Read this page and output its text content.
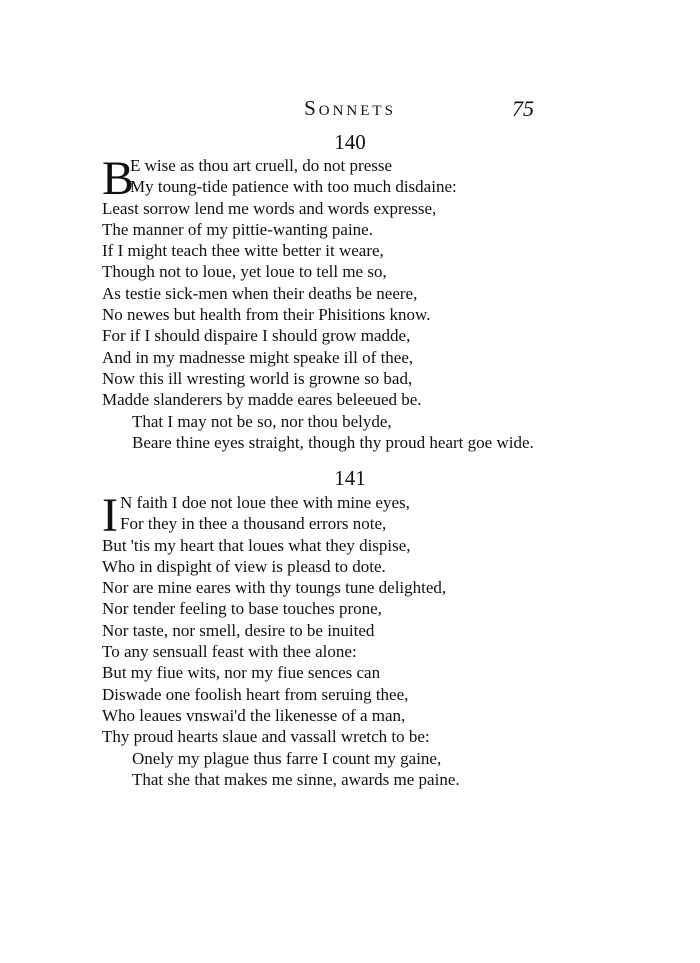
Sonnets	75
140
B
E wise as thou art cruell, do not presse
My toung-tide patience with too much disdaine:
Least sorrow lend me words and words expresse,
The manner of my pittie-wanting paine.
If I might teach thee witte better it weare,
Though not to loue, yet loue to tell me so,
As testie sick-men when their deaths be neere,
No newes but health from their Phisitions know.
For if I should dispaire I should grow madde,
And in my madnesse might speake ill of thee,
Now this ill wresting world is growne so bad,
Madde slanderers by madde eares beleeued be.
That I may not be so, nor thou belyde,
Beare thine eyes straight, though thy proud heart goe wide.
141
I N faith I doe not loue thee with mine eyes,
For they in thee a thousand errors note,
But 'tis my heart that loues what they dispise,
Who in dispight of view is pleasd to dote.
Nor are mine eares with thy toungs tune delighted,
Nor tender feeling to base touches prone,
Nor taste, nor smell, desire to be inuited
To any sensuall feast with thee alone:
But my fiue wits, nor my fiue sences can
Diswade one foolish heart from seruing thee,
Who leaues vnswai'd the likenesse of a man,
Thy proud hearts slaue and vassall wretch to be:
Onely my plague thus farre I count my gaine,
That she that makes me sinne, awards me paine.
